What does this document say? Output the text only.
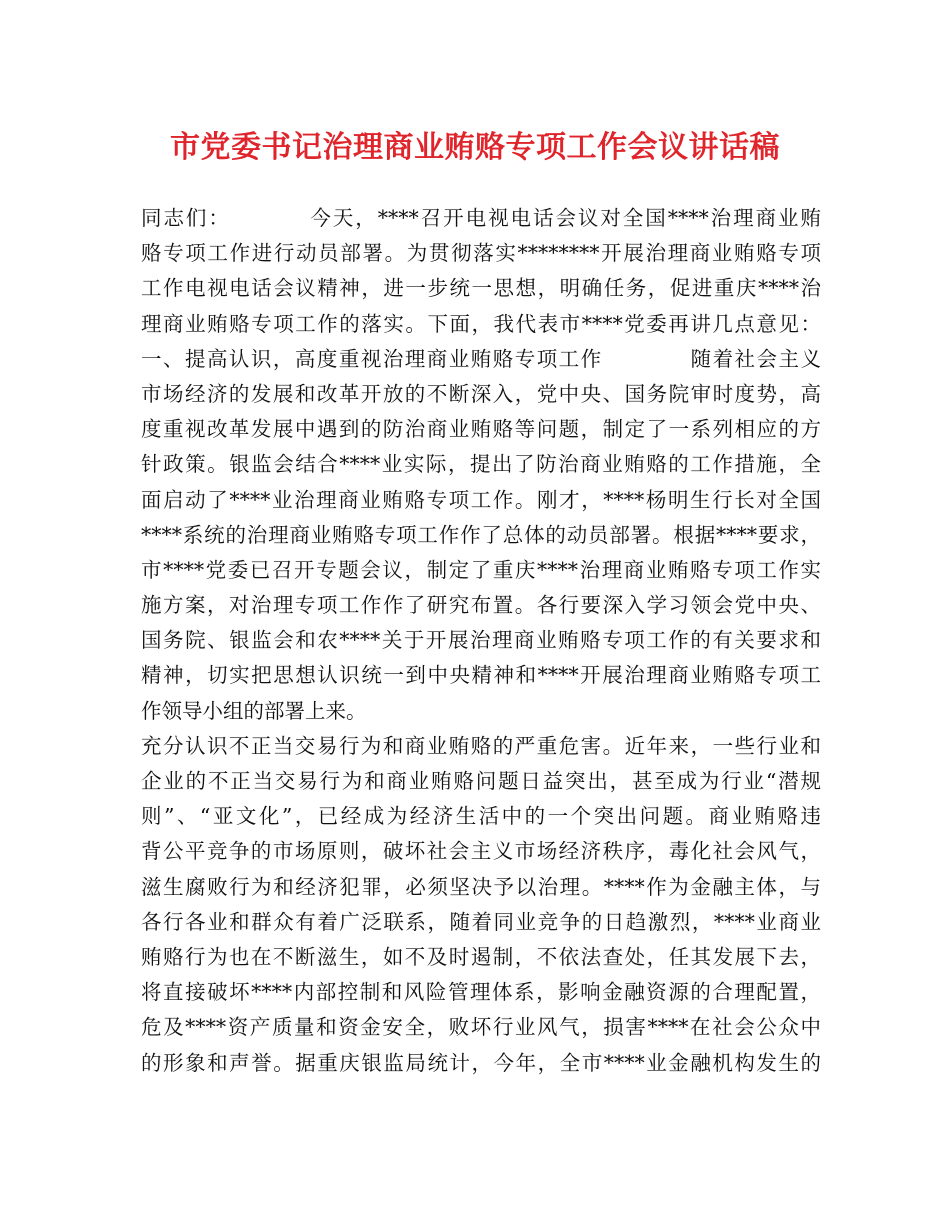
市党委书记治理商业贿赂专项工作会议讲话稿
同志们：　　　　今天，****召开电视电话会议对全国****治理商业贿
赂专项工作进行动员部署。为贯彻落实********开展治理商业贿赂专项
工作电视电话会议精神，进一步统一思想，明确任务，促进重庆****治
理商业贿赂专项工作的落实。下面，我代表市****党委再讲几点意见：
一、提高认识，高度重视治理商业贿赂专项工作　　　　随着社会主义
市场经济的发展和改革开放的不断深入，党中央、国务院审时度势，高
度重视改革发展中遇到的防治商业贿赂等问题，制定了一系列相应的方
针政策。银监会结合****业实际，提出了防治商业贿赂的工作措施，全
面启动了****业治理商业贿赂专项工作。刚才，****杨明生行长对全国
****系统的治理商业贿赂专项工作作了总体的动员部署。根据****要求，
市****党委已召开专题会议，制定了重庆****治理商业贿赂专项工作实
施方案，对治理专项工作作了研究布置。各行要深入学习领会党中央、
国务院、银监会和农****关于开展治理商业贿赂专项工作的有关要求和
精神，切实把思想认识统一到中央精神和****开展治理商业贿赂专项工
作领导小组的部署上来。
充分认识不正当交易行为和商业贿赂的严重危害。近年来，一些行业和
企业的不正当交易行为和商业贿赂问题日益突出，甚至成为行业“潜规
则”、“亚文化”，已经成为经济生活中的一个突出问题。商业贿赂违
背公平竞争的市场原则，破坏社会主义市场经济秩序，毒化社会风气，
滋生腐败行为和经济犯罪，必须坚决予以治理。****作为金融主体，与
各行各业和群众有着广泛联系，随着同业竞争的日趋激烈，****业商业
贿赂行为也在不断滋生，如不及时遏制，不依法查处，任其发展下去，
将直接破坏****内部控制和风险管理体系，影响金融资源的合理配置，
危及****资产质量和资金安全，败坏行业风气，损害****在社会公众中
的形象和声誉。据重庆银监局统计，今年，全市****业金融机构发生的
